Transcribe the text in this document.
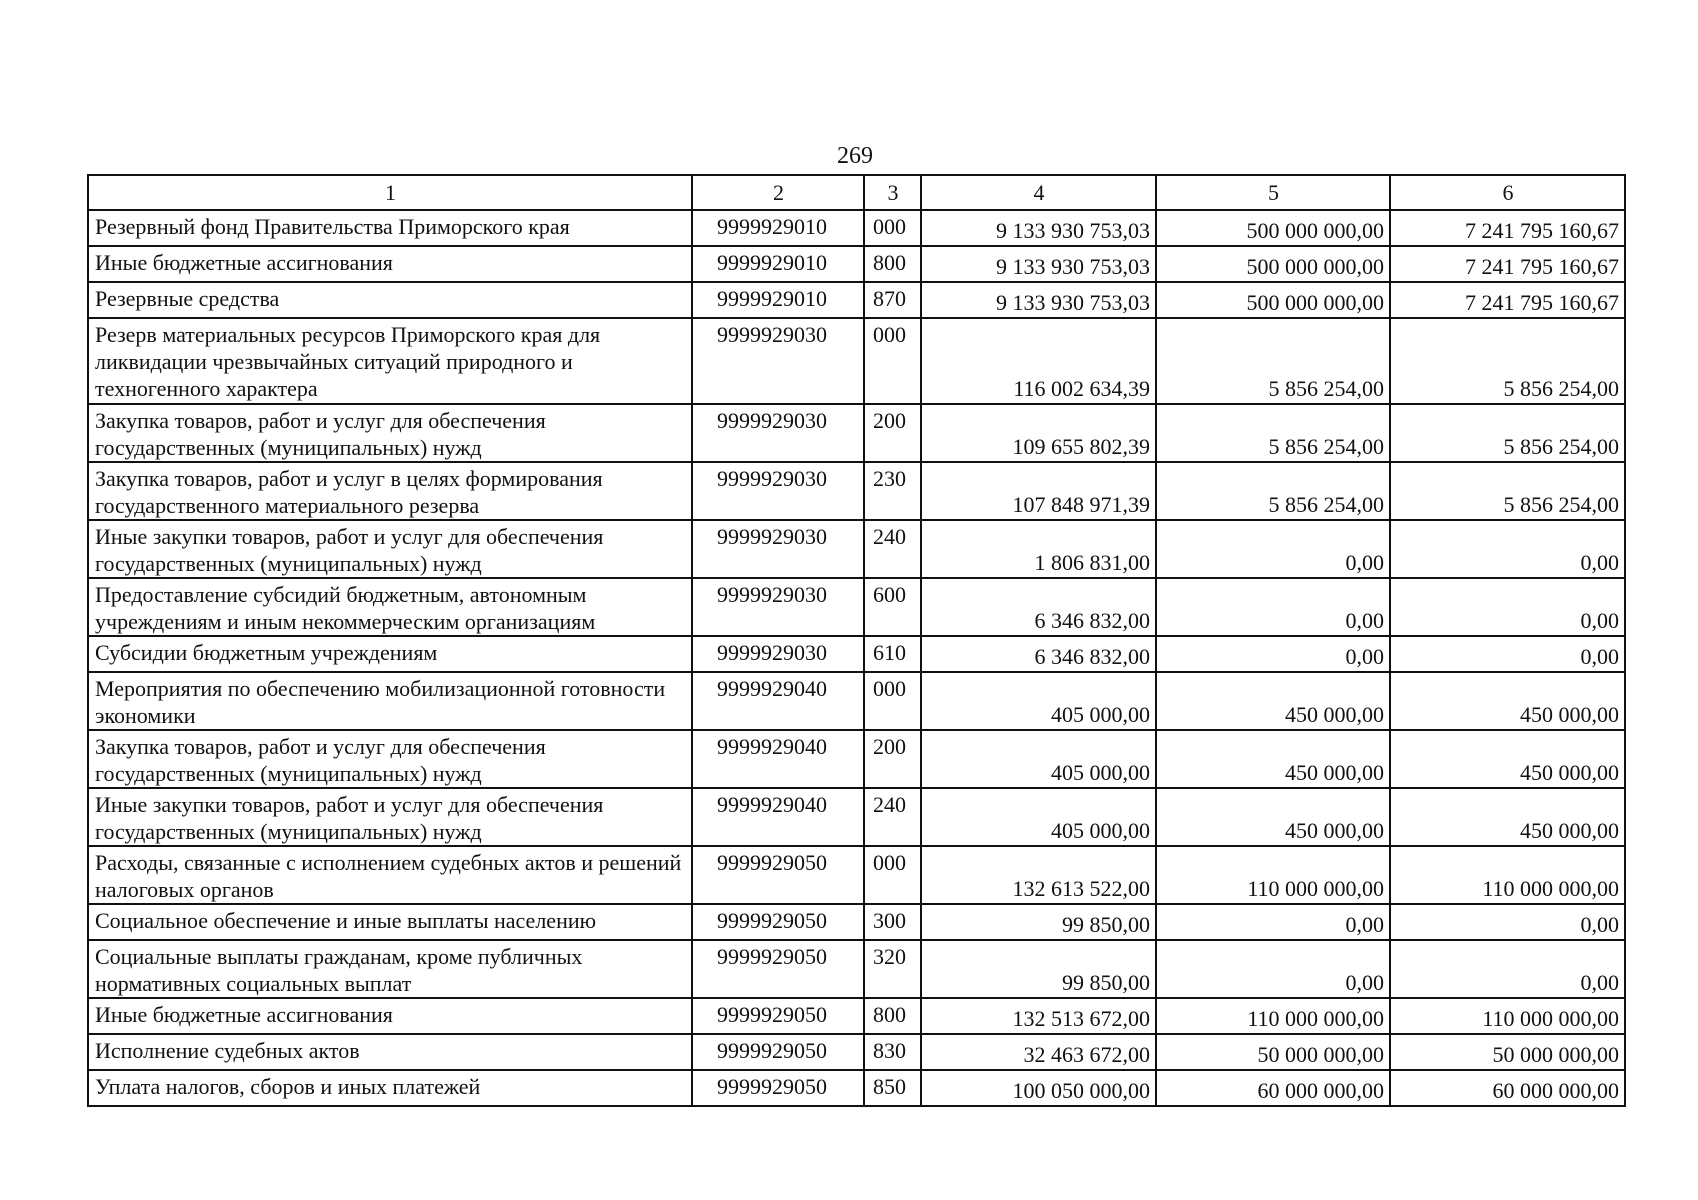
269
1	2	3	4	5	6
Резервный фонд Правительства Приморского края	9999929010	000	9 133 930 753,03	500 000 000,00	7 241 795 160,67
Иные бюджетные ассигнования	9999929010	800	9 133 930 753,03	500 000 000,00	7 241 795 160,67
Резервные средства	9999929010	870	9 133 930 753,03	500 000 000,00	7 241 795 160,67
Резерв материальных ресурсов Приморского края для ликвидации чрезвычайных ситуаций природного и техногенного характера	9999929030	000	116 002 634,39	5 856 254,00	5 856 254,00
Закупка товаров, работ и услуг для обеспечения государственных (муниципальных) нужд	9999929030	200	109 655 802,39	5 856 254,00	5 856 254,00
Закупка товаров, работ и услуг в целях формирования государственного материального резерва	9999929030	230	107 848 971,39	5 856 254,00	5 856 254,00
Иные закупки товаров, работ и услуг для обеспечения государственных (муниципальных) нужд	9999929030	240	1 806 831,00	0,00	0,00
Предоставление субсидий бюджетным, автономным учреждениям и иным некоммерческим организациям	9999929030	600	6 346 832,00	0,00	0,00
Субсидии бюджетным учреждениям	9999929030	610	6 346 832,00	0,00	0,00
Мероприятия по обеспечению мобилизационной готовности экономики	9999929040	000	405 000,00	450 000,00	450 000,00
Закупка товаров, работ и услуг для обеспечения государственных (муниципальных) нужд	9999929040	200	405 000,00	450 000,00	450 000,00
Иные закупки товаров, работ и услуг для обеспечения государственных (муниципальных) нужд	9999929040	240	405 000,00	450 000,00	450 000,00
Расходы, связанные с исполнением судебных актов и решений налоговых органов	9999929050	000	132 613 522,00	110 000 000,00	110 000 000,00
Социальное обеспечение и иные выплаты населению	9999929050	300	99 850,00	0,00	0,00
Социальные выплаты гражданам, кроме публичных нормативных социальных выплат	9999929050	320	99 850,00	0,00	0,00
Иные бюджетные ассигнования	9999929050	800	132 513 672,00	110 000 000,00	110 000 000,00
Исполнение судебных актов	9999929050	830	32 463 672,00	50 000 000,00	50 000 000,00
Уплата налогов, сборов и иных платежей	9999929050	850	100 050 000,00	60 000 000,00	60 000 000,00
